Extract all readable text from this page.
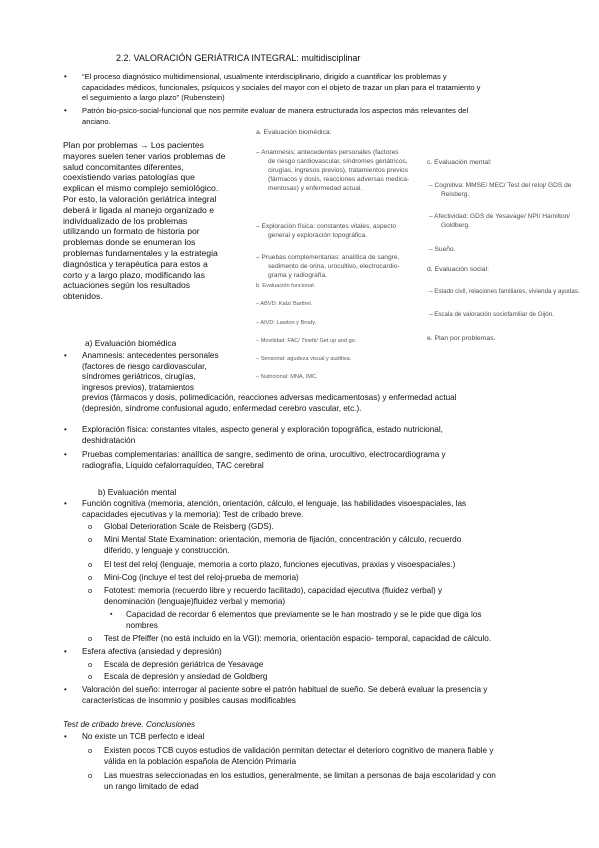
2.2. VALORACIÓN GERIÁTRICA INTEGRAL: multidisciplinar
• “El proceso diagnóstico multidimensional, usualmente interdisciplinario, dirigido a cuantificar los problemas y
capacidades médicos, funcionales, psíquicos y sociales del mayor con el objeto de trazar un plan para el tratamiento y
el seguimiento a largo plazo” (Rubenstein)
• Patrón bio-psico-social-funcional que nos permite evaluar de manera estructurada los aspectos más relevantes del
anciano.
Plan por problemas → Los pacientes
mayores suelen tener varios problemas de
salud concomitantes diferentes,
coexistiendo varias patologías que
explican el mismo complejo semiológico.
Por esto, la valoración geriátrica integral
deberá ir ligada al manejo organizado e
individualizado de los problemas
utilizando un formato de historia por
problemas donde se enumeran los
problemas fundamentales y la estrategia
diagnóstica y terapéutica para estos a
corto y a largo plazo, modificando las
actuaciones según los resultados
obtenidos.
a. Evaluación biomédica:
– Anamnesis: antecedentes personales (factores
de riesgo cardiovascular, síndromes geriátricos,
cirugías, ingresos previos), tratamientos previos
(fármacos y dosis, reacciones adversas medica-
mentosas) y enfermedad actual.
– Exploración física: constantes vitales, aspecto
general y exploración topográfica.
– Pruebas complementarias: analítica de sangre,
sedimento de orina, urocultivo, electrocardio-
grama y radiografía.
b. Evaluación funcional:
– ABVD: Katz/ Barthel.
– AIVD: Lawton y Brody.
– Movilidad: FAC/ Tinetti/ Get up and go.
– Sensorial: agudeza visual y auditiva.
– Nutricional: MNA, IMC.
c. Evaluación mental:
– Cognitiva: MMSE/ MEC/ Test del reloj/ GDS de
Reisberg.
– Afectividad: GDS de Yesavage/ NPI/ Hamilton/
Goldberg.
– Sueño.
d. Evaluación social:
– Estado civil, relaciones familiares, vivienda y ayudas.
– Escala de valoración sociofamiliar de Gijón.
e. Plan por problemas.
a) Evaluación biomédica
• Anamnesis: antecedentes personales
(factores de riesgo cardiovascular,
síndromes geriátricos, cirugías,
ingresos previos), tratamientos
previos (fármacos y dosis, polimedicación, reacciones adversas medicamentosas) y enfermedad actual
(depresión, síndrome confusional agudo, enfermedad cerebro vascular, etc.).
• Exploración física: constantes vitales, aspecto general y exploración topográfica, estado nutricional,
deshidratación
• Pruebas complementarias: analítica de sangre, sedimento de orina, urocultivo, electrocardiograma y
radiografía, Líquido cefalorraquídeo, TAC cerebral
b) Evaluación mental
• Función cognitiva (memoria, atención, orientación, cálculo, el lenguaje, las habilidades visoespaciales, las
capacidades ejecutivas y la memoria): Test de cribado breve.
o Global Deterioration Scale de Reisberg (GDS).
o Mini Mental State Examination: orientación, memoria de fijación, concentración y cálculo, recuerdo
diferido, y lenguaje y construcción.
o El test del reloj (lenguaje, memoria a corto plazo, funciones ejecutivas, praxias y visoespaciales.)
o Mini-Cog (incluye el test del reloj-prueba de memoria)
o Fototest: memoria (recuerdo libre y recuerdo facilitado), capacidad ejecutiva (fluidez verbal) y
denominación (lenguaje)fluidez verbal y memoria)
▪ Capacidad de recordar 6 elementos que previamente se le han mostrado y se le pide que diga los
nombres
o Test de Pfeiffer (no está incluido en la VGI): memoria, orientación espacio- temporal, capacidad de cálculo.
• Esfera afectiva (ansiedad y depresión)
o Escala de depresión geriátrica de Yesavage
o Escala de depresión y ansiedad de Goldberg
• Valoración del sueño: interrogar al paciente sobre el patrón habitual de sueño. Se deberá evaluar la presencia y
características de insomnio y posibles causas modificables
Test de cribado breve. Conclusiones
• No existe un TCB perfecto e ideal
o Existen pocos TCB cuyos estudios de validación permitan detectar el deterioro cognitivo de manera fiable y
válida en la población española de Atención Primaria
o Las muestras seleccionadas en los estudios, generalmente, se limitan a personas de baja escolaridad y con
un rango limitado de edad
